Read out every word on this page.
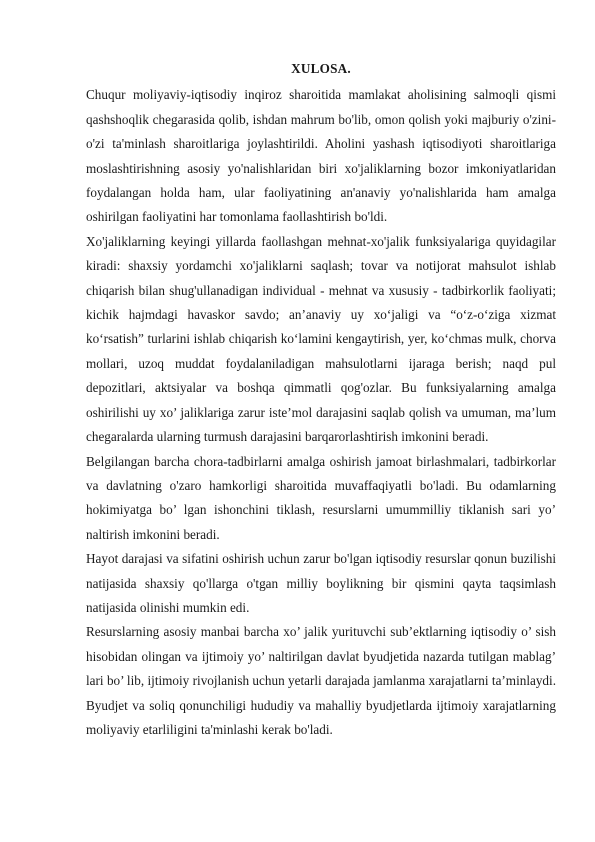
XULOSA.

Chuqur moliyaviy-iqtisodiy inqiroz sharoitida mamlakat aholisining salmoqli qismi qashshoqlik chegarasida qolib, ishdan mahrum bo'lib, omon qolish yoki majburiy o'zini-o'zi ta'minlash sharoitlariga joylashtirildi. Aholini yashash iqtisodiyoti sharoitlariga moslashtirishning asosiy yo'nalishlaridan biri xo'jaliklarning bozor imkoniyatlaridan foydalangan holda ham, ular faoliyatining an'anaviy yo'nalishlarida ham amalga oshirilgan faoliyatini har tomonlama faollashtirish bo'ldi.

Xo'jaliklarning keyingi yillarda faollashgan mehnat-xo'jalik funksiyalariga quyidagilar kiradi: shaxsiy yordamchi xo'jaliklarni saqlash; tovar va notijorat mahsulot ishlab chiqarish bilan shug'ullanadigan individual - mehnat va xususiy - tadbirkorlik faoliyati; kichik hajmdagi havaskor savdo; an’anaviy uy xo‘jaligi va “o‘z-o‘ziga xizmat ko‘rsatish” turlarini ishlab chiqarish ko‘lamini kengaytirish, yer, ko‘chmas mulk, chorva mollari, uzoq muddat foydalaniladigan mahsulotlarni ijaraga berish; naqd pul depozitlari, aktsiyalar va boshqa qimmatli qog'ozlar. Bu funksiyalarning amalga oshirilishi uy xo’ jaliklariga zarur iste’mol darajasini saqlab qolish va umuman, ma’lum chegaralarda ularning turmush darajasini barqarorlashtirish imkonini beradi.

Belgilangan barcha chora-tadbirlarni amalga oshirish jamoat birlashmalari, tadbirkorlar va davlatning o'zaro hamkorligi sharoitida muvaffaqiyatli bo'ladi. Bu odamlarning hokimiyatga bo’ lgan ishonchini tiklash, resurslarni umummilliy tiklanish sari yo’ naltirish imkonini beradi.

Hayot darajasi va sifatini oshirish uchun zarur bo'lgan iqtisodiy resurslar qonun buzilishi natijasida shaxsiy qo'llarga o'tgan milliy boylikning bir qismini qayta taqsimlash natijasida olinishi mumkin edi.

Resurslarning asosiy manbai barcha xo’ jalik yurituvchi sub’ektlarning iqtisodiy o’ sish hisobidan olingan va ijtimoiy yo’ naltirilgan davlat byudjetida nazarda tutilgan mablag’ lari bo’ lib, ijtimoiy rivojlanish uchun yetarli darajada jamlanma xarajatlarni ta’minlaydi. Byudjet va soliq qonunchiligi hududiy va mahalliy byudjetlarda ijtimoiy xarajatlarning moliyaviy etarliligini ta'minlashi kerak bo'ladi.
